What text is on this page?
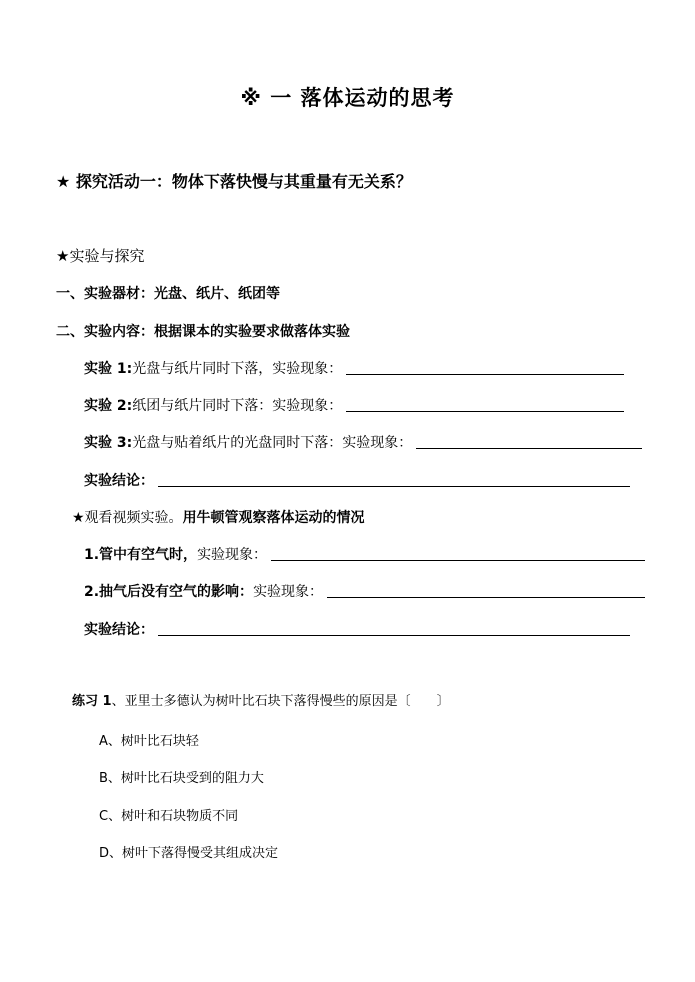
※ 一 落体运动的思考
★ 探究活动一：物体下落快慢与其重量有无关系？
★实验与探究
一、实验器材：光盘、纸片、纸团等
二、实验内容：根据课本的实验要求做落体实验
实验 1: 光盘与纸片同时下落，实验现象：
实验 2: 纸团与纸片同时下落：实验现象：
实验 3: 光盘与贴着纸片的光盘同时下落：实验现象：
实验结论：
★观看视频实验。用牛顿管观察落体运动的情况
1.管中有空气时， 实验现象：
2.抽气后没有空气的影响： 实验现象：
实验结论：
练习 1、亚里士多德认为树叶比石块下落得慢些的原因是〔　　〕
A、树叶比石块轻
B、树叶比石块受到的阻力大
C、树叶和石块物质不同
D、树叶下落得慢受其组成决定
